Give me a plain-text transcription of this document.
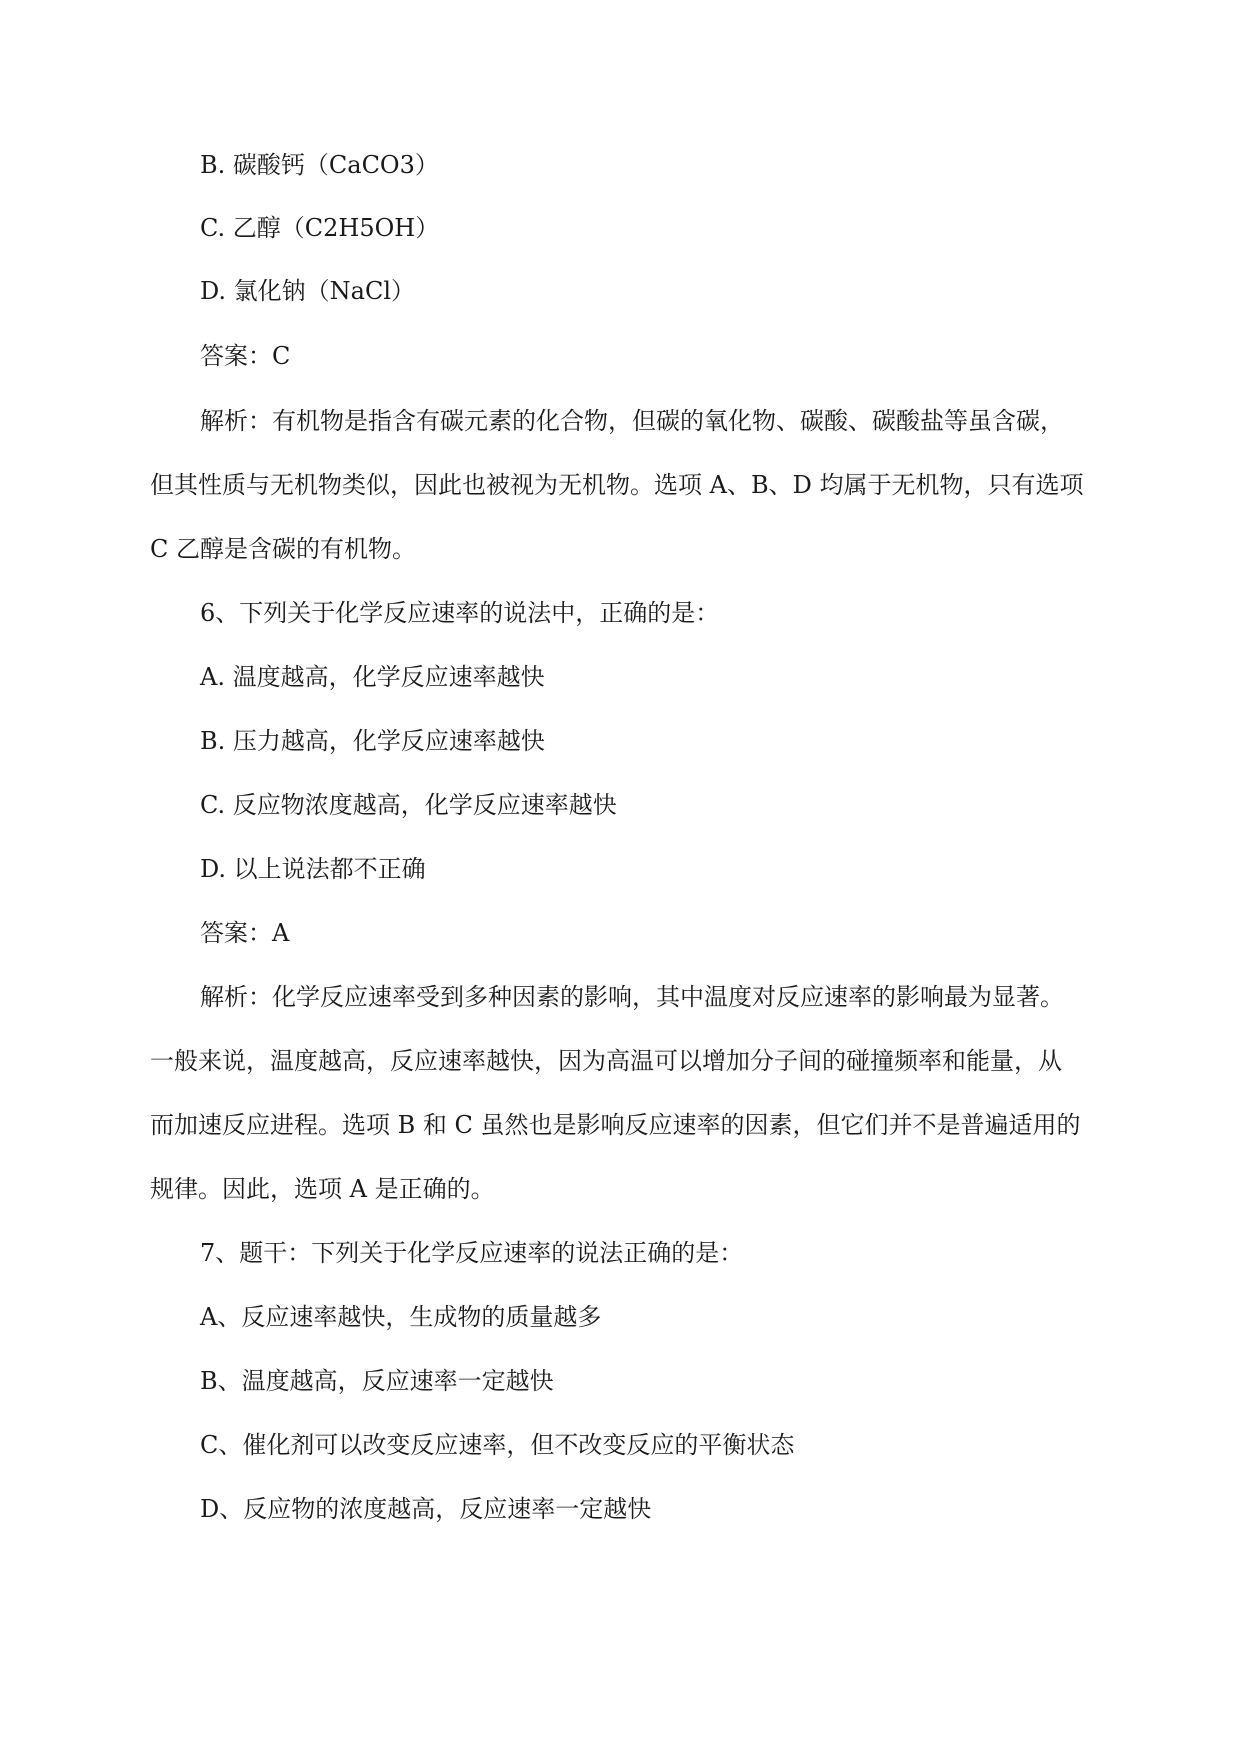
B. 碳酸钙（CaCO3）
C. 乙醇（C2H5OH）
D. 氯化钠（NaCl）
答案：C
解析：有机物是指含有碳元素的化合物，但碳的氧化物、碳酸、碳酸盐等虽含碳，
但其性质与无机物类似，因此也被视为无机物。选项 A、B、D 均属于无机物，只有选项
C 乙醇是含碳的有机物。
6、下列关于化学反应速率的说法中，正确的是：
A. 温度越高，化学反应速率越快
B. 压力越高，化学反应速率越快
C. 反应物浓度越高，化学反应速率越快
D. 以上说法都不正确
答案：A
解析：化学反应速率受到多种因素的影响，其中温度对反应速率的影响最为显著。
一般来说，温度越高，反应速率越快，因为高温可以增加分子间的碰撞频率和能量，从
而加速反应进程。选项 B 和 C 虽然也是影响反应速率的因素，但它们并不是普遍适用的
规律。因此，选项 A 是正确的。
7、题干：下列关于化学反应速率的说法正确的是：
A、反应速率越快，生成物的质量越多
B、温度越高，反应速率一定越快
C、催化剂可以改变反应速率，但不改变反应的平衡状态
D、反应物的浓度越高，反应速率一定越快
